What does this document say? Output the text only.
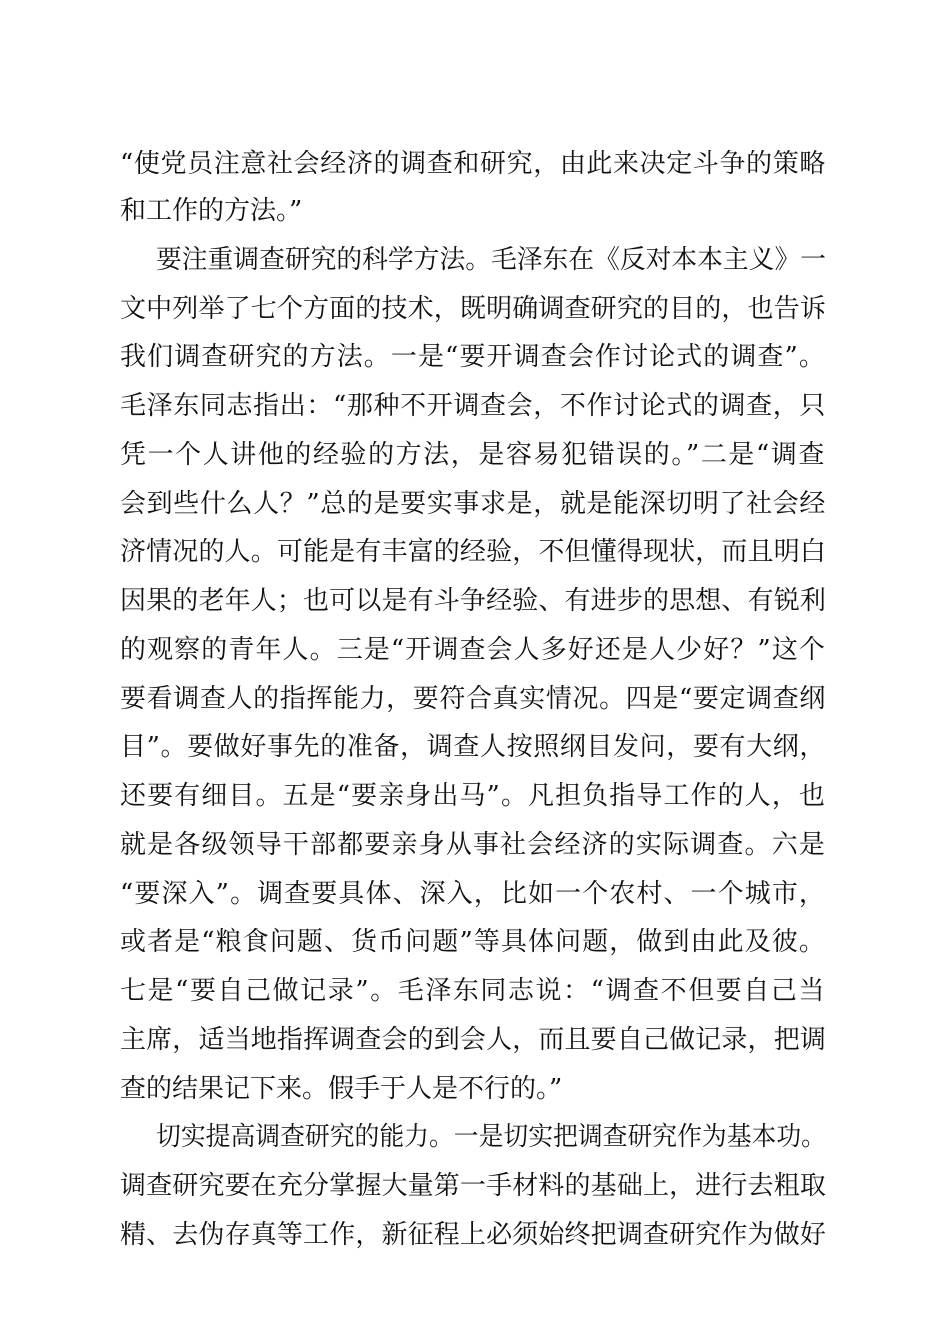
“使党员注意社会经济的调查和研究，由此来决定斗争的策略
和工作的方法。”
要注重调查研究的科学方法。毛泽东在《反对本本主义》一
文中列举了七个方面的技术，既明确调查研究的目的，也告诉
我们调查研究的方法。一是“要开调查会作讨论式的调查”。
毛泽东同志指出：“那种不开调查会，不作讨论式的调查，只
凭一个人讲他的经验的方法，是容易犯错误的。”二是“调查
会到些什么人？”总的是要实事求是，就是能深切明了社会经
济情况的人。可能是有丰富的经验，不但懂得现状，而且明白
因果的老年人；也可以是有斗争经验、有进步的思想、有锐利
的观察的青年人。三是“开调查会人多好还是人少好？”这个
要看调查人的指挥能力，要符合真实情况。四是“要定调查纲
目”。要做好事先的准备，调查人按照纲目发问，要有大纲，
还要有细目。五是“要亲身出马”。凡担负指导工作的人，也
就是各级领导干部都要亲身从事社会经济的实际调查。六是
“要深入”。调查要具体、深入，比如一个农村、一个城市，
或者是“粮食问题、货币问题”等具体问题，做到由此及彼。
七是“要自己做记录”。毛泽东同志说：“调查不但要自己当
主席，适当地指挥调查会的到会人，而且要自己做记录，把调
查的结果记下来。假手于人是不行的。”
切实提高调查研究的能力。一是切实把调查研究作为基本功。
调查研究要在充分掌握大量第一手材料的基础上，进行去粗取
精、去伪存真等工作，新征程上必须始终把调查研究作为做好
